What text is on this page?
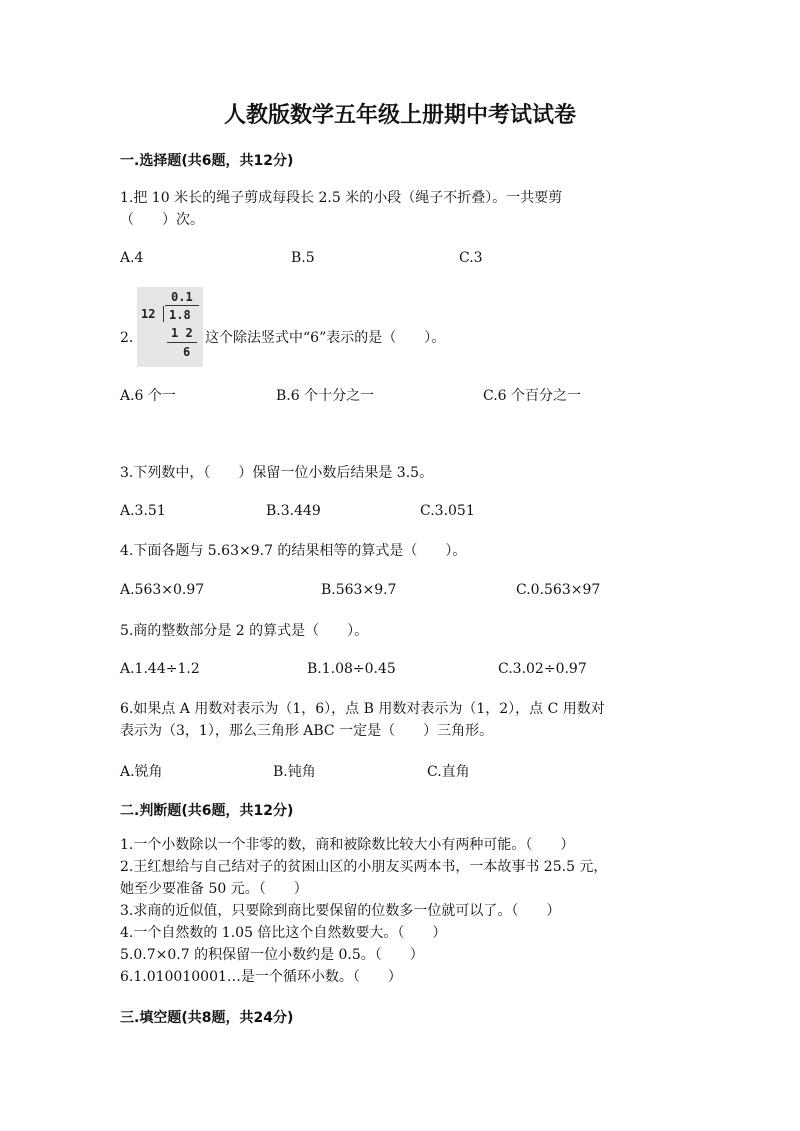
人教版数学五年级上册期中考试试卷
一.选择题(共6题，共12分)
1.把 10 米长的绳子剪成每段长 2.5 米的小段（绳子不折叠）。一共要剪
（　　）次。
A.4	B.5	C.3
2.
0.1
12 1.8
1 2
6
这个除法竖式中“6”表示的是（　　）。
A.6 个一	B.6 个十分之一	C.6 个百分之一
3.下列数中，（　　）保留一位小数后结果是 3.5。
A.3.51	B.3.449	C.3.051
4.下面各题与 5.63×9.7 的结果相等的算式是（　　）。
A.563×0.97	B.563×9.7	C.0.563×97
5.商的整数部分是 2 的算式是（　　）。
A.1.44÷1.2	B.1.08÷0.45	C.3.02÷0.97
6.如果点 A 用数对表示为（1，6），点 B 用数对表示为（1，2），点 C 用数对
表示为（3，1），那么三角形 ABC 一定是（　　）三角形。
A.锐角	B.钝角	C.直角
二.判断题(共6题，共12分)
1.一个小数除以一个非零的数，商和被除数比较大小有两种可能。（　　）
2.王红想给与自己结对子的贫困山区的小朋友买两本书，一本故事书 25.5 元，
她至少要准备 50 元。（　　）
3.求商的近似值，只要除到商比要保留的位数多一位就可以了。（　　）
4.一个自然数的 1.05 倍比这个自然数要大。（　　）
5.0.7×0.7 的积保留一位小数约是 0.5。（　　）
6.1.010010001…是一个循环小数。（　　）
三.填空题(共8题，共24分)
